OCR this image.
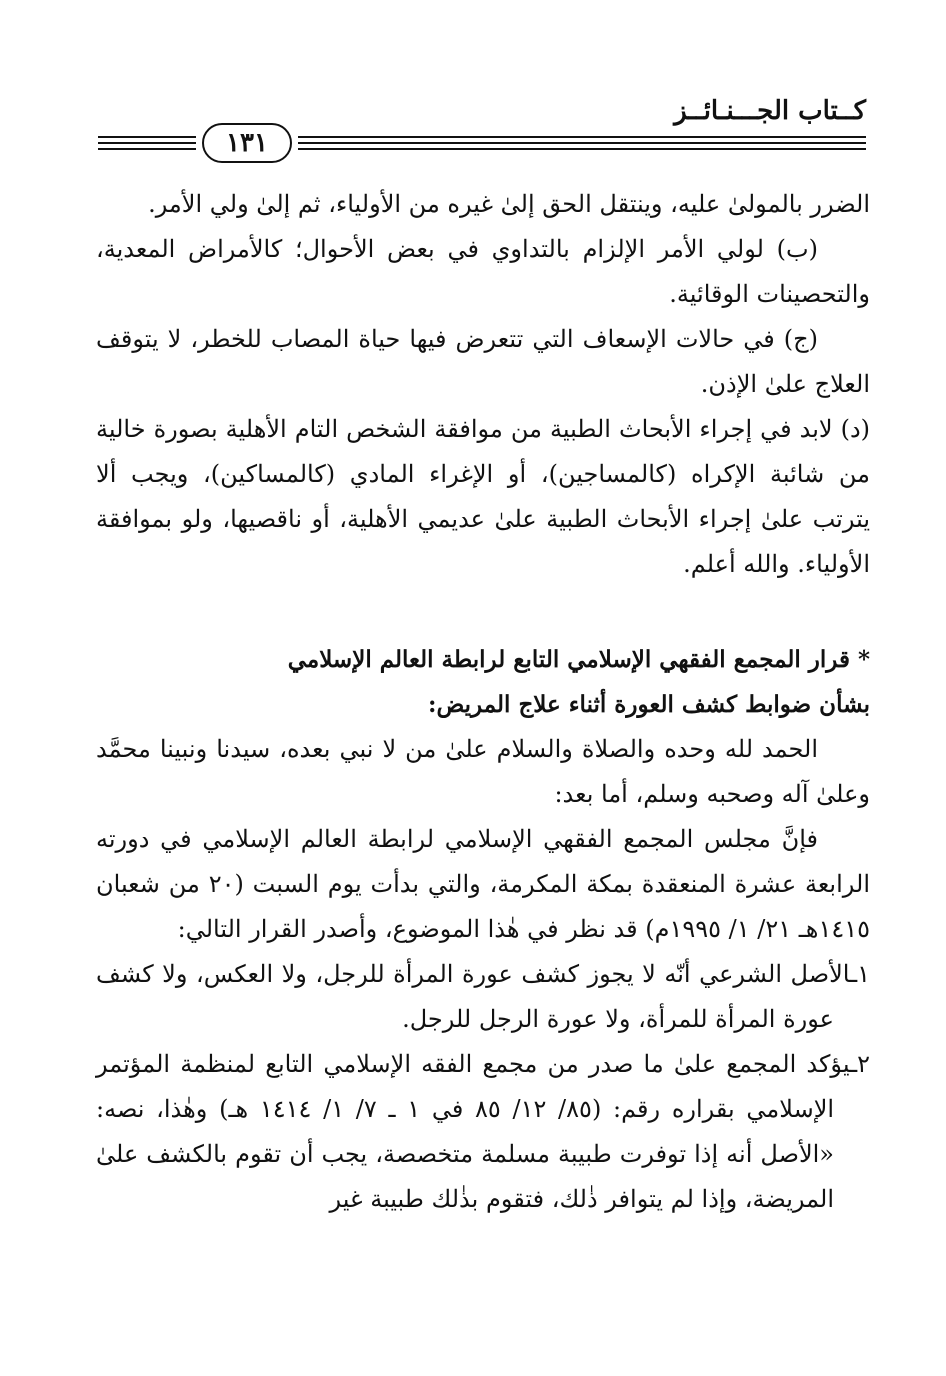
كــتاب الجـــنـائــز
١٣١

الضرر بالمولىٰ عليه، وينتقل الحق إلىٰ غيره من الأولياء، ثم إلىٰ ولي الأمر.

(ب) لولي الأمر الإلزام بالتداوي في بعض الأحوال؛ كالأمراض المعدية، والتحصينات الوقائية.

(ج) في حالات الإسعاف التي تتعرض فيها حياة المصاب للخطر، لا يتوقف العلاج علىٰ الإذن.

(د) لابد في إجراء الأبحاث الطبية من موافقة الشخص التام الأهلية بصورة خالية من شائبة الإكراه (كالمساجين)، أو الإغراء المادي (كالمساكين)، ويجب ألا يترتب علىٰ إجراء الأبحاث الطبية علىٰ عديمي الأهلية، أو ناقصيها، ولو بموافقة الأولياء. والله أعلم.

* قرار المجمع الفقهي الإسلامي التابع لرابطة العالم الإسلامي

بشأن ضوابط كشف العورة أثناء علاج المريض:

الحمد لله وحده والصلاة والسلام علىٰ من لا نبي بعده، سيدنا ونبينا محمَّد وعلىٰ آله وصحبه وسلم، أما بعد:

فإنَّ مجلس المجمع الفقهي الإسلامي لرابطة العالم الإسلامي في دورته الرابعة عشرة المنعقدة بمكة المكرمة، والتي بدأت يوم السبت (٢٠ من شعبان ١٤١٥هـ ٢١/ ١/ ١٩٩٥م) قد نظر في هٰذا الموضوع، وأصدر القرار التالي:

١ـالأصل الشرعي أنّه لا يجوز كشف عورة المرأة للرجل، ولا العكس، ولا كشف عورة المرأة للمرأة، ولا عورة الرجل للرجل.

٢ـيؤكد المجمع علىٰ ما صدر من مجمع الفقه الإسلامي التابع لمنظمة المؤتمر الإسلامي بقراره رقم: (٨٥/ ١٢/ ٨٥ في ١ ـ ٧/ ١/ ١٤١٤ هـ) وهٰذا، نصه: «الأصل أنه إذا توفرت طبيبة مسلمة متخصصة، يجب أن تقوم بالكشف علىٰ المريضة، وإذا لم يتوافر ذٰلك، فتقوم بذٰلك طبيبة غير
